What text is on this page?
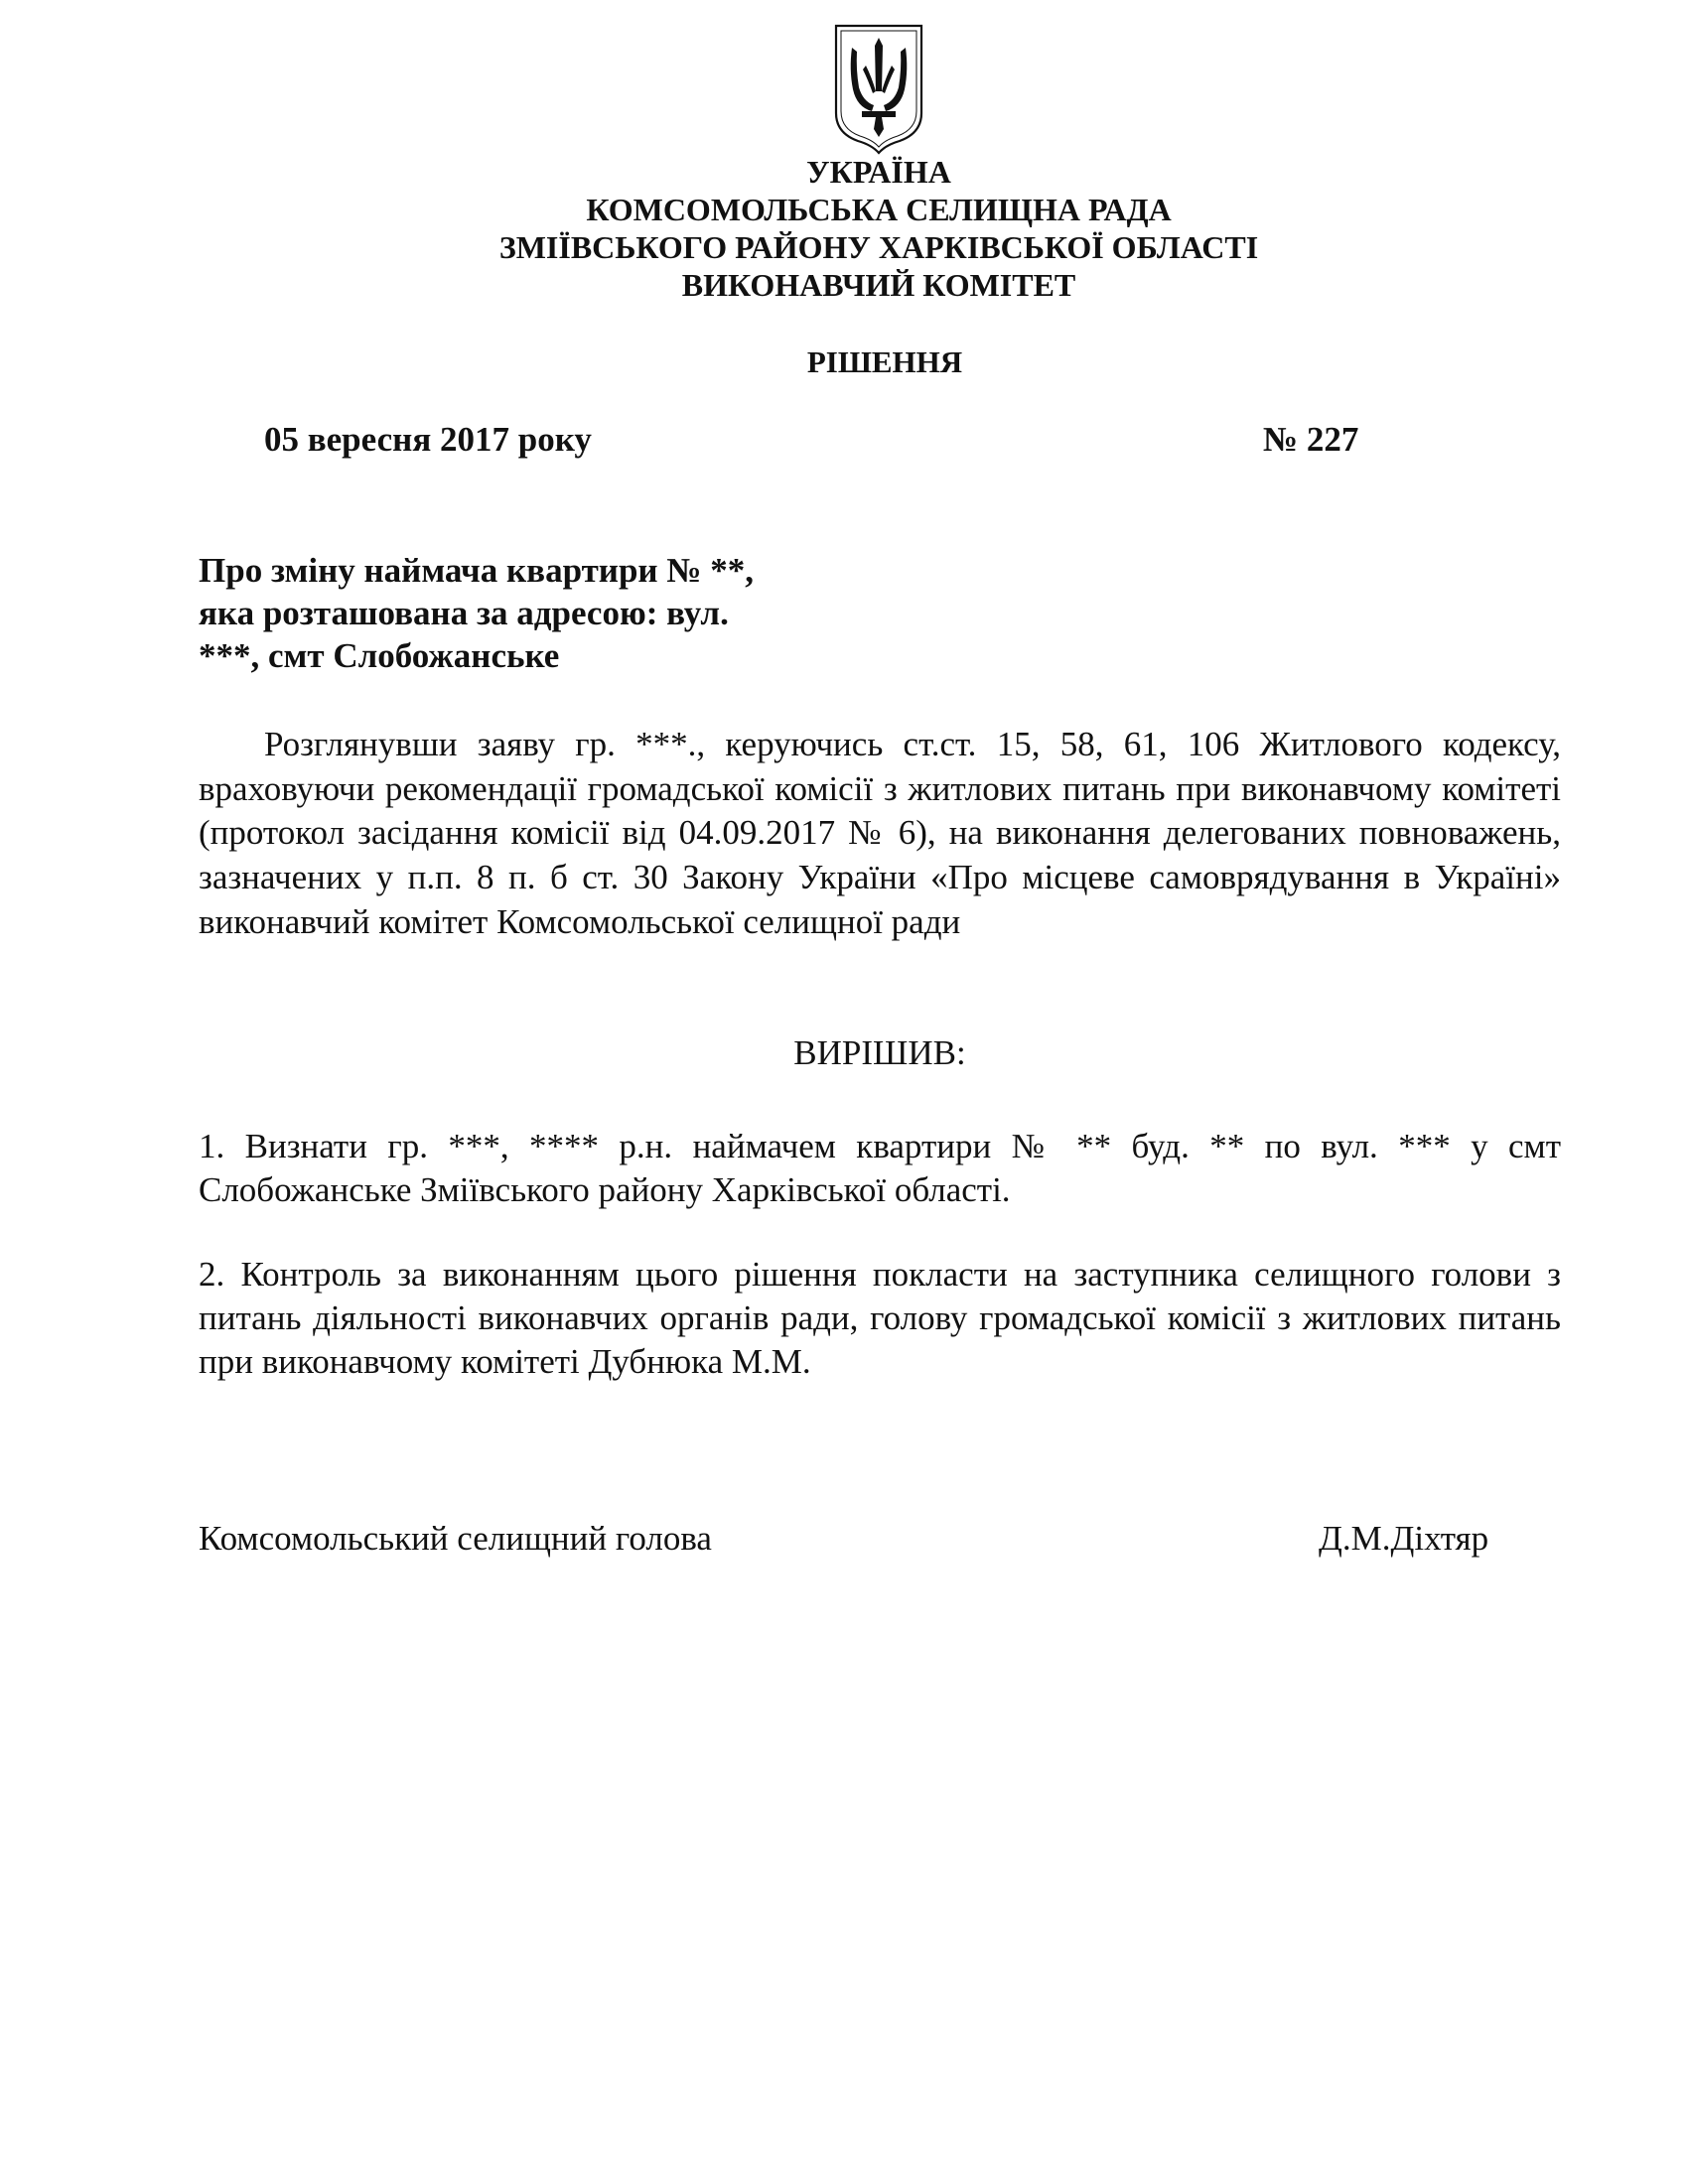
УКРАЇНА
КОМСОМОЛЬСЬКА СЕЛИЩНА РАДА
ЗМІЇВСЬКОГО РАЙОНУ ХАРКІВСЬКОЇ ОБЛАСТІ
ВИКОНАВЧИЙ КОМІТЕТ
РІШЕННЯ
05 вересня 2017 року	№ 227
Про зміну наймача квартири № **,
яка розташована за адресою: вул.
***, смт Слобожанське
Розглянувши заяву гр. ***., керуючись ст.ст. 15, 58, 61, 106 Житлового кодексу, враховуючи рекомендації громадської комісії з житлових питань при виконавчому комітеті (протокол засідання комісії від 04.09.2017 № 6), на виконання делегованих повноважень, зазначених у п.п. 8 п. б ст. 30 Закону України «Про місцеве самоврядування в Україні» виконавчий комітет Комсомольської селищної ради
ВИРІШИВ:
1. Визнати гр. ***, **** р.н. наймачем квартири № ** буд. ** по вул. *** у смт Слобожанське Зміївського району Харківської області.
2. Контроль за виконанням цього рішення покласти на заступника селищного голови з питань діяльності виконавчих органів ради, голову громадської комісії з житлових питань при виконавчому комітеті Дубнюка М.М.
Комсомольський селищний голова	Д.М.Діхтяр
